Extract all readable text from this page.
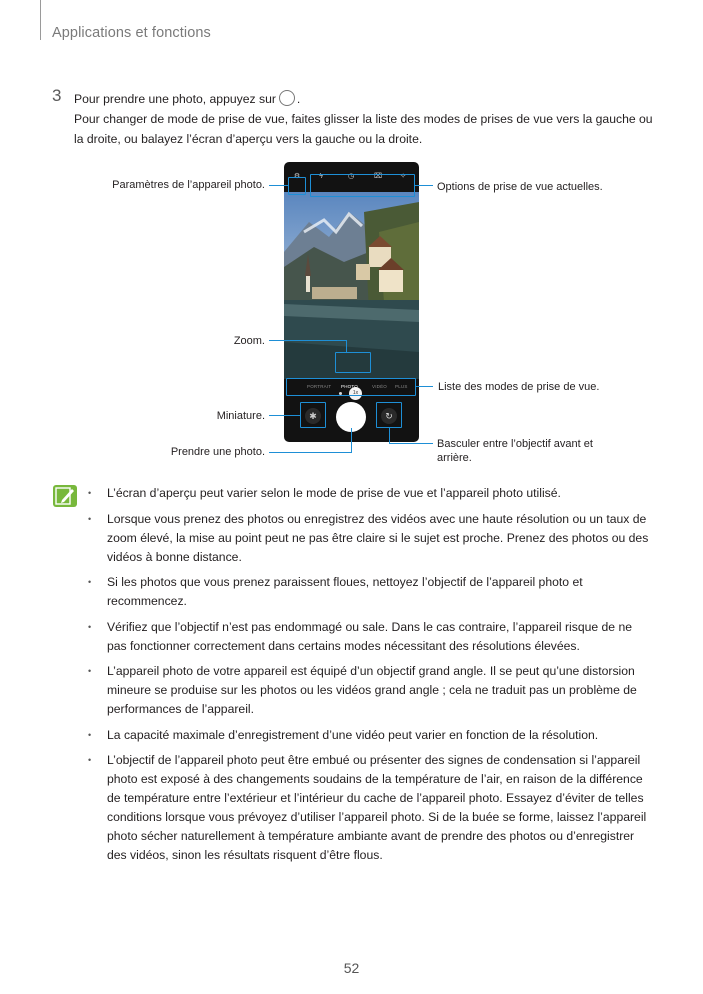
Applications et fonctions
3 Pour prendre une photo, appuyez sur .
Pour changer de mode de prise de vue, faites glisser la liste des modes de prises de vue vers la gauche ou la droite, ou balayez l’écran d’aperçu vers la gauche ou la droite.
⚙	ϟ	◷	⌧	✧
1x
PORTRAIT PHOTO	VIDÉO PLUS
✱	↻
Paramètres de l’appareil photo.	Options de prise de vue actuelles.
Zoom.
Liste des modes de prise de vue.
Miniature.
Prendre une photo.
Basculer entre l’objectif avant et arrière.
• L’écran d’aperçu peut varier selon le mode de prise de vue et l’appareil photo utilisé.
• Lorsque vous prenez des photos ou enregistrez des vidéos avec une haute résolution ou un taux de zoom élevé, la mise au point peut ne pas être claire si le sujet est proche. Prenez des photos ou des vidéos à bonne distance.
• Si les photos que vous prenez paraissent floues, nettoyez l’objectif de l’appareil photo et recommencez.
• Vérifiez que l’objectif n’est pas endommagé ou sale. Dans le cas contraire, l’appareil risque de ne pas fonctionner correctement dans certains modes nécessitant des résolutions élevées.
• L’appareil photo de votre appareil est équipé d’un objectif grand angle. Il se peut qu’une distorsion mineure se produise sur les photos ou les vidéos grand angle ; cela ne traduit pas un problème de performances de l’appareil.
• La capacité maximale d’enregistrement d’une vidéo peut varier en fonction de la résolution.
• L’objectif de l’appareil photo peut être embué ou présenter des signes de condensation si l’appareil photo est exposé à des changements soudains de la température de l’air, en raison de la différence de température entre l’extérieur et l’intérieur du cache de l’appareil photo. Essayez d’éviter de telles conditions lorsque vous prévoyez d’utiliser l’appareil photo. Si de la buée se forme, laissez l’appareil photo sécher naturellement à température ambiante avant de prendre des photos ou d’enregistrer des vidéos, sinon les résultats risquent d’être flous.
52
